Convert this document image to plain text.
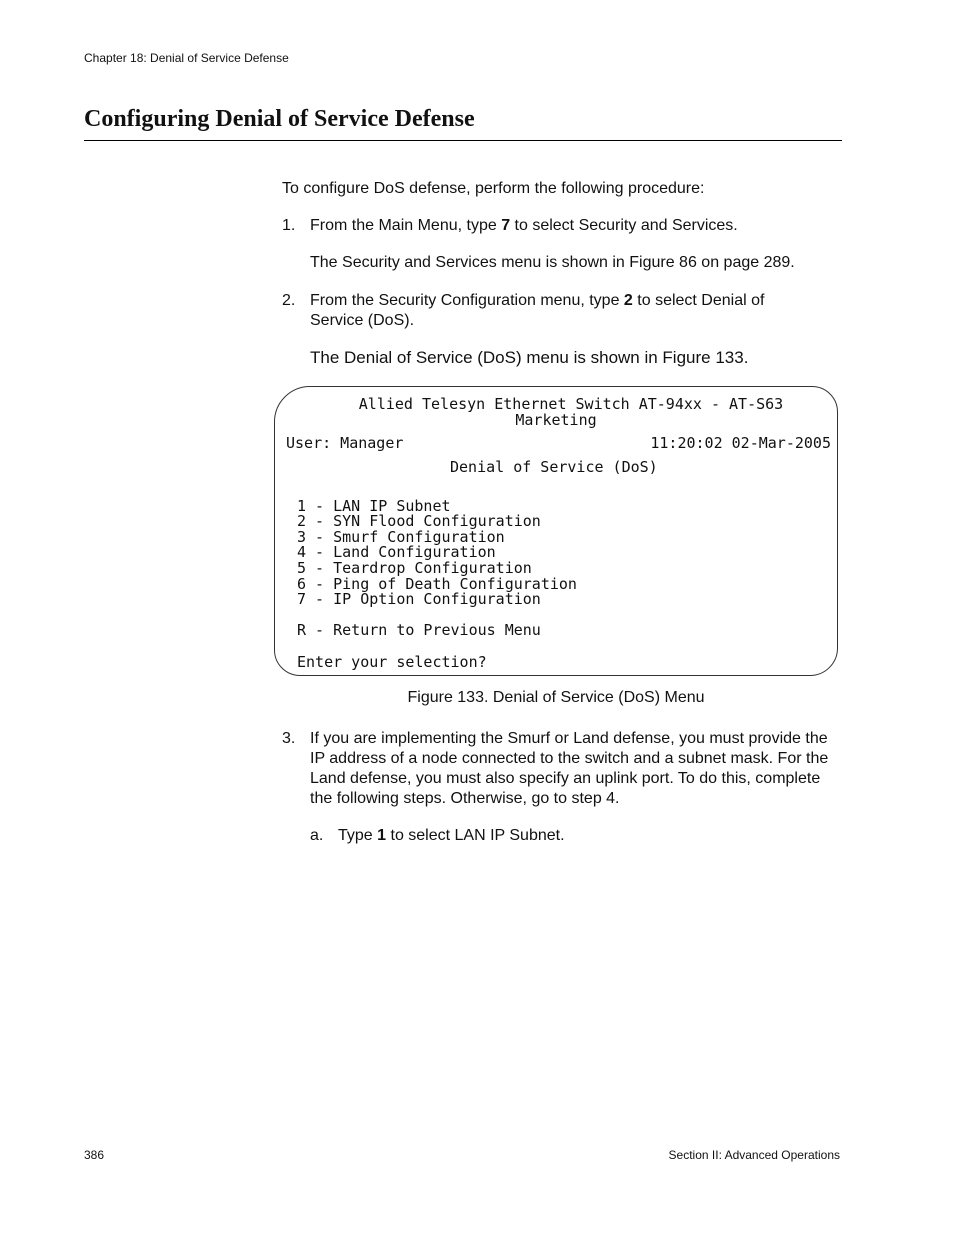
Chapter 18: Denial of Service Defense
Configuring Denial of Service Defense
To configure DoS defense, perform the following procedure:
1. From the Main Menu, type 7 to select Security and Services.
The Security and Services menu is shown in Figure 86 on page 289.
2. From the Security Configuration menu, type 2 to select Denial of Service (DoS).
The Denial of Service (DoS) menu is shown in Figure 133.
Allied Telesyn Ethernet Switch AT-94xx - AT-S63
Marketing
User: Manager	11:20:02 02-Mar-2005
Denial of Service (DoS)
1 - LAN IP Subnet
2 - SYN Flood Configuration
3 - Smurf Configuration
4 - Land Configuration
5 - Teardrop Configuration
6 - Ping of Death Configuration
7 - IP Option Configuration
R - Return to Previous Menu
Enter your selection?
Figure 133. Denial of Service (DoS) Menu
3. If you are implementing the Smurf or Land defense, you must provide the IP address of a node connected to the switch and a subnet mask. For the Land defense, you must also specify an uplink port. To do this, complete the following steps. Otherwise, go to step 4.
a. Type 1 to select LAN IP Subnet.
386	Section II: Advanced Operations
